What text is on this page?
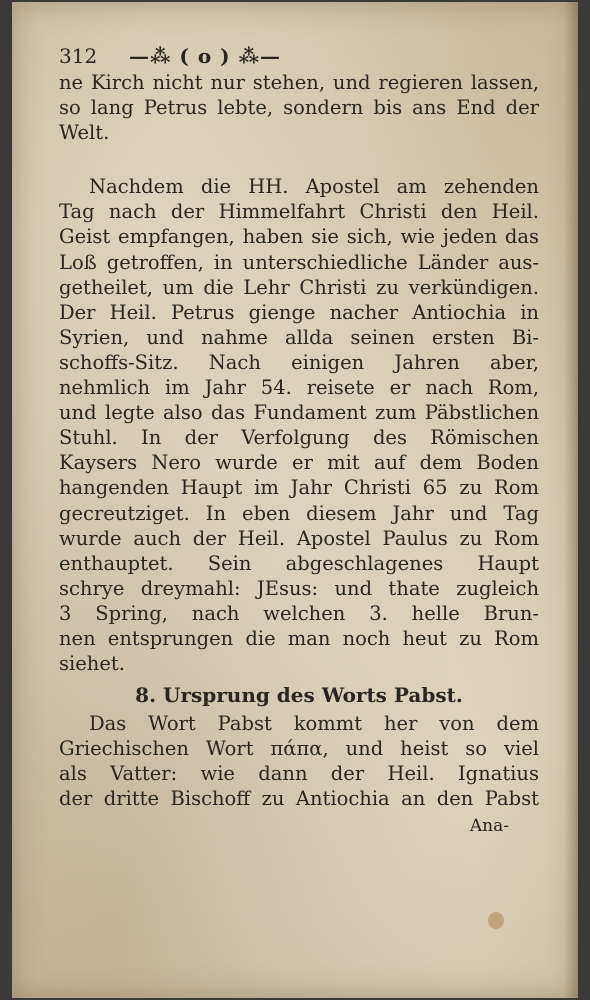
312 —⁂ ( o ) ⁂—
ne Kirch nicht nur stehen, und regieren lassen,
so lang Petrus lebte, sondern bis ans End der
Welt.
Nachdem die HH. Apostel am zehenden
Tag nach der Himmelfahrt Christi den Heil.
Geist empfangen, haben sie sich, wie jeden das
Loß getroffen, in unterschiedliche Länder aus-
getheilet, um die Lehr Christi zu verkündigen.
Der Heil. Petrus gienge nacher Antiochia in
Syrien, und nahme allda seinen ersten Bi-
schoffs-Sitz. Nach einigen Jahren aber,
nehmlich im Jahr 54. reisete er nach Rom,
und legte also das Fundament zum Päbstlichen
Stuhl. In der Verfolgung des Römischen
Kaysers Nero wurde er mit auf dem Boden
hangenden Haupt im Jahr Christi 65 zu Rom
gecreutziget. In eben diesem Jahr und Tag
wurde auch der Heil. Apostel Paulus zu Rom
enthauptet. Sein abgeschlagenes Haupt
schrye dreymahl: JEsus: und thate zugleich
3 Spring, nach welchen 3. helle Brun-
nen entsprungen die man noch heut zu Rom
siehet.
8. Ursprung des Worts Pabst.
Das Wort Pabst kommt her von dem
Griechischen Wort πάπα, und heist so viel
als Vatter: wie dann der Heil. Ignatius
der dritte Bischoff zu Antiochia an den Pabst
Ana-
